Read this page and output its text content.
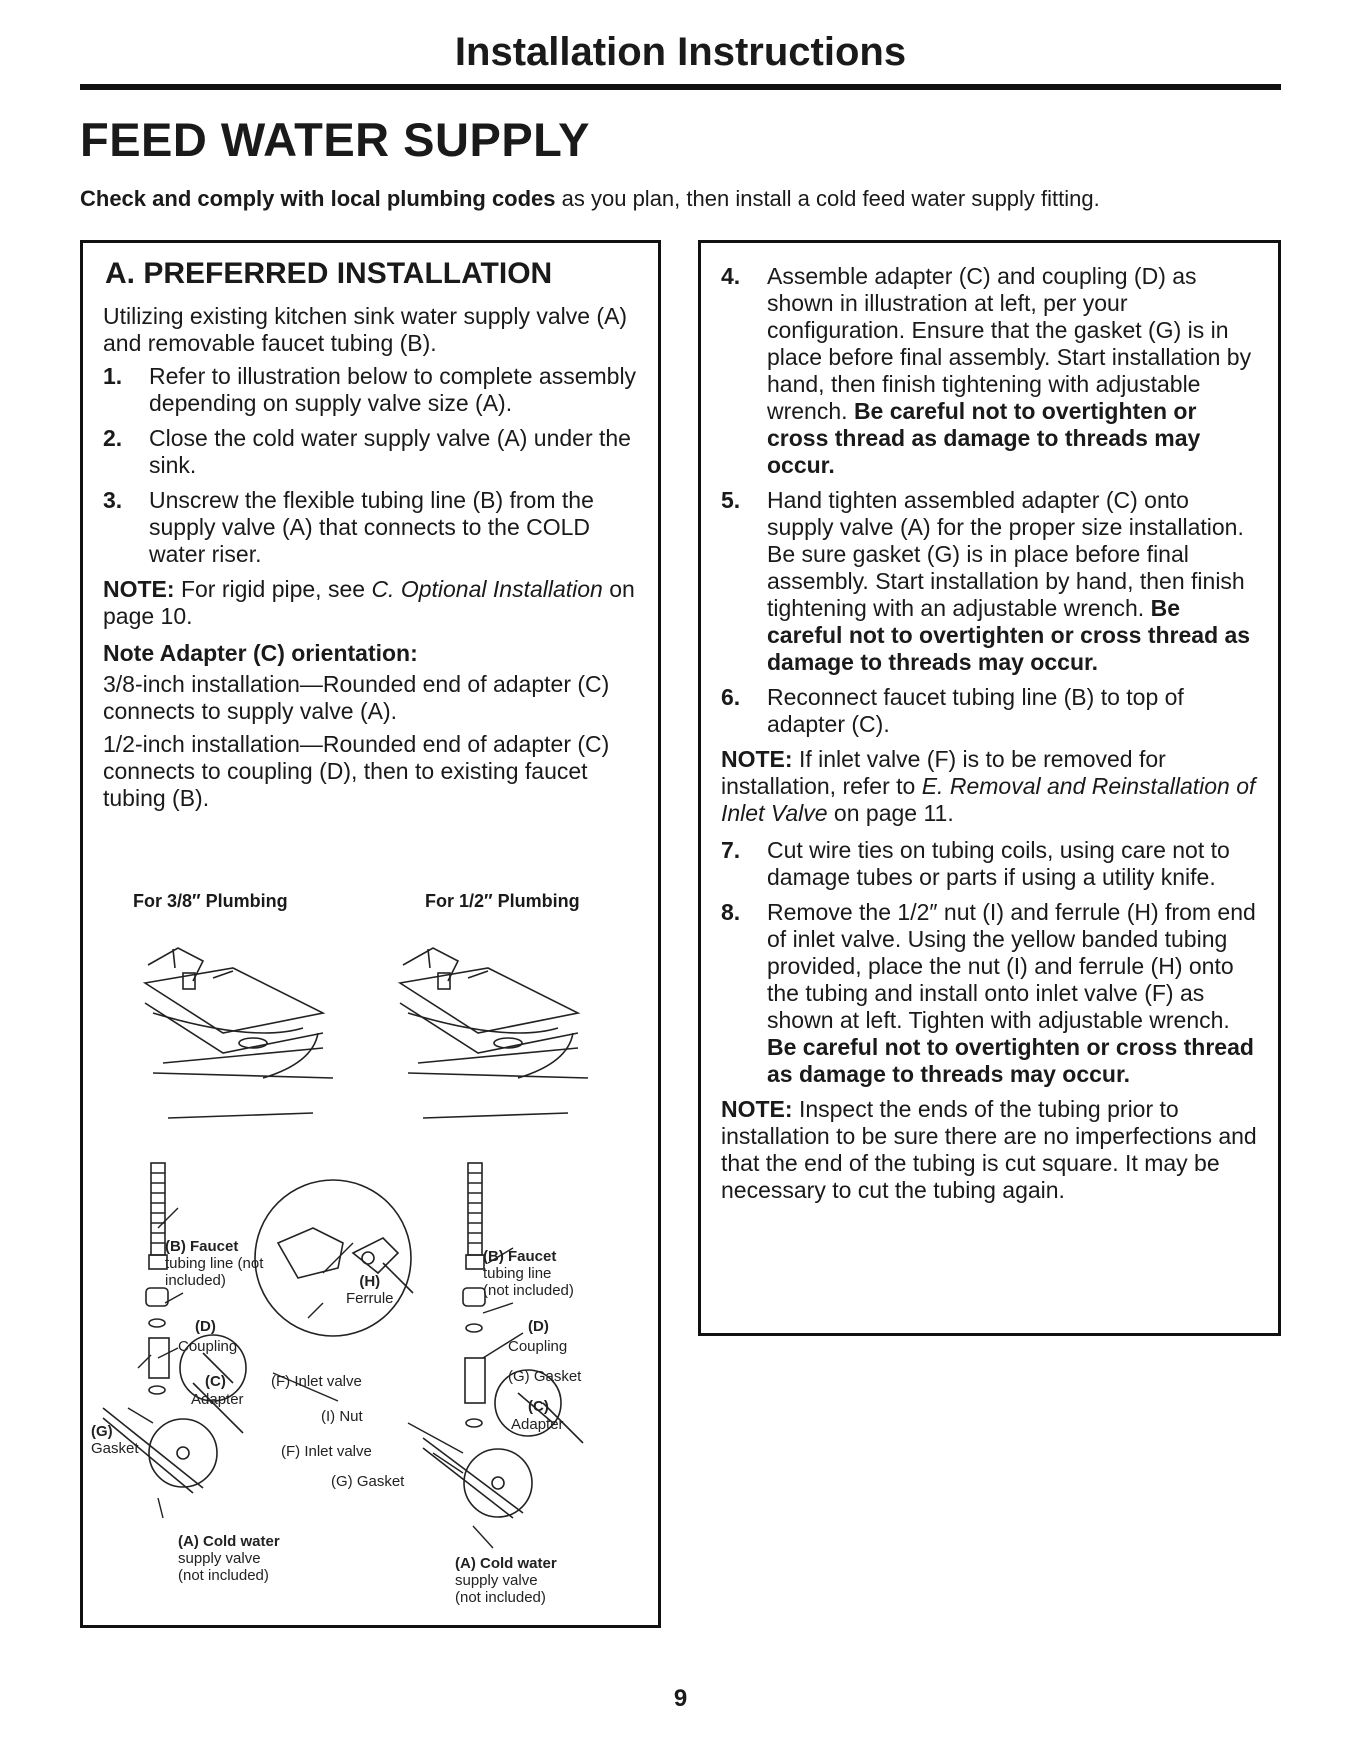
Installation Instructions
FEED WATER SUPPLY
Check and comply with local plumbing codes as you plan, then install a cold feed water supply fitting.
A. PREFERRED INSTALLATION
Utilizing existing kitchen sink water supply valve (A) and removable faucet tubing (B).
1. Refer to illustration below to complete assembly depending on supply valve size (A).
2. Close the cold water supply valve (A) under the sink.
3. Unscrew the flexible tubing line (B) from the supply valve (A) that connects to the COLD water riser.
NOTE: For rigid pipe, see C. Optional Installation on page 10.
Note Adapter (C) orientation:
3/8-inch installation—Rounded end of adapter (C) connects to supply valve (A).
1/2-inch installation—Rounded end of adapter (C) connects to coupling (D), then to existing faucet tubing (B).
For 3/8″ Plumbing	For 1/2″ Plumbing
(B) Faucet
tubing line (not
included)	(H)
Ferrule
(D)
Coupling
(C)
Adapter
(F) Inlet valve
(I) Nut
(G)
Gasket	(F) Inlet valve
(G) Gasket
(B) Faucet
tubing line
(not included)
(D)
Coupling
(G) Gasket
(C)
Adapter
(A) Cold water
supply valve
(not included)
(A) Cold water
supply valve
(not included)
4. Assemble adapter (C) and coupling (D) as shown in illustration at left, per your configuration. Ensure that the gasket (G) is in place before final assembly. Start installation by hand, then finish tightening with adjustable wrench. Be careful not to overtighten or cross thread as damage to threads may occur.
5. Hand tighten assembled adapter (C) onto supply valve (A) for the proper size installation. Be sure gasket (G) is in place before final assembly. Start installation by hand, then finish tightening with an adjustable wrench. Be careful not to overtighten or cross thread as damage to threads may occur.
6. Reconnect faucet tubing line (B) to top of adapter (C).
NOTE: If inlet valve (F) is to be removed for installation, refer to E. Removal and Reinstallation of Inlet Valve on page 11.
7. Cut wire ties on tubing coils, using care not to damage tubes or parts if using a utility knife.
8. Remove the 1/2″ nut (I) and ferrule (H) from end of inlet valve. Using the yellow banded tubing provided, place the nut (I) and ferrule (H) onto the tubing and install onto inlet valve (F) as shown at left. Tighten with adjustable wrench. Be careful not to overtighten or cross thread as damage to threads may occur.
NOTE: Inspect the ends of the tubing prior to installation to be sure there are no imperfections and that the end of the tubing is cut square. It may be necessary to cut the tubing again.
9
